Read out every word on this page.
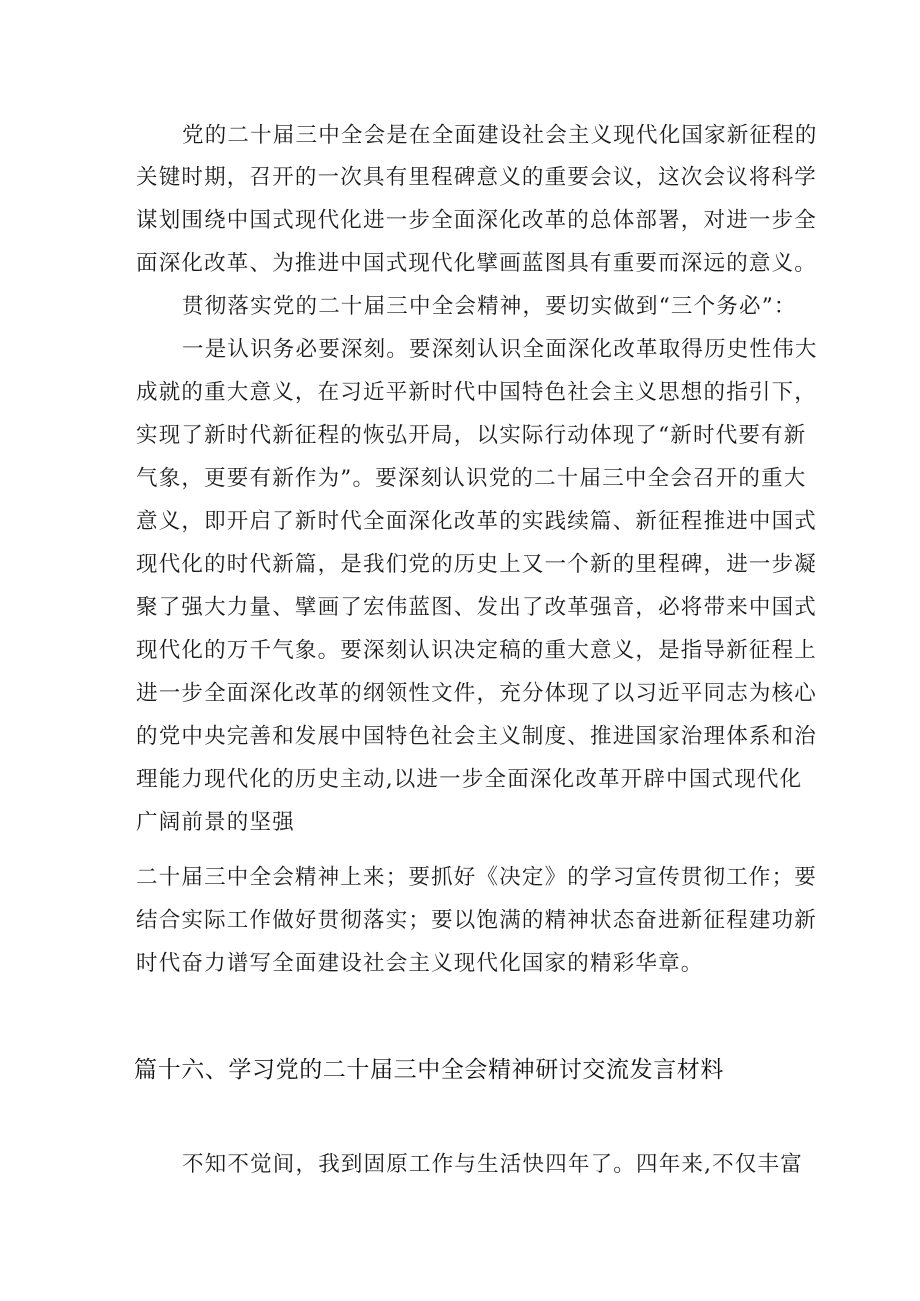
党的二十届三中全会是在全面建设社会主义现代化国家新征程的
关键时期，召开的一次具有里程碑意义的重要会议，这次会议将科学
谋划围绕中国式现代化进一步全面深化改革的总体部署，对进一步全
面深化改革、为推进中国式现代化擘画蓝图具有重要而深远的意义。
贯彻落实党的二十届三中全会精神，要切实做到“三个务必”：
一是认识务必要深刻。要深刻认识全面深化改革取得历史性伟大
成就的重大意义，在习近平新时代中国特色社会主义思想的指引下，
实现了新时代新征程的恢弘开局，以实际行动体现了“新时代要有新
气象，更要有新作为”。要深刻认识党的二十届三中全会召开的重大
意义，即开启了新时代全面深化改革的实践续篇、新征程推进中国式
现代化的时代新篇，是我们党的历史上又一个新的里程碑，进一步凝
聚了强大力量、擘画了宏伟蓝图、发出了改革强音，必将带来中国式
现代化的万千气象。要深刻认识决定稿的重大意义，是指导新征程上
进一步全面深化改革的纲领性文件，充分体现了以习近平同志为核心
的党中央完善和发展中国特色社会主义制度、推进国家治理体系和治
理能力现代化的历史主动,以进一步全面深化改革开辟中国式现代化
广阔前景的坚强
二十届三中全会精神上来；要抓好《决定》的学习宣传贯彻工作；要
结合实际工作做好贯彻落实；要以饱满的精神状态奋进新征程建功新
时代奋力谱写全面建设社会主义现代化国家的精彩华章。
篇十六、学习党的二十届三中全会精神研讨交流发言材料
不知不觉间，我到固原工作与生活快四年了。四年来,不仅丰富
